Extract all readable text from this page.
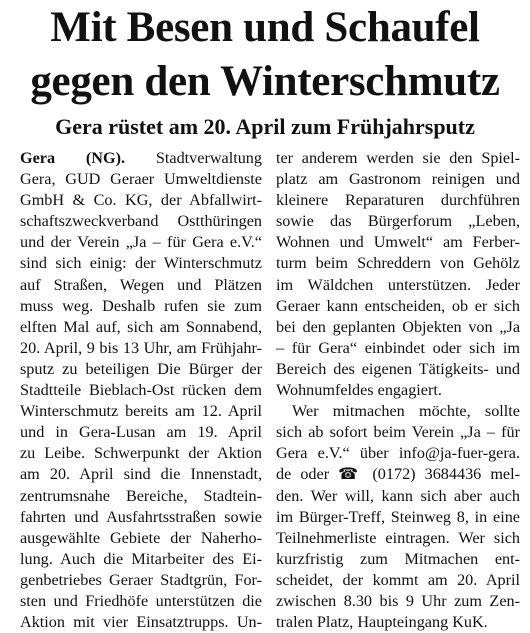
Mit Besen und Schaufel
gegen den Winterschmutz
Gera rüstet am 20. April zum Frühjahrsputz
Gera (NG). Stadtverwaltung
Gera, GUD Geraer Umweltdienste
GmbH & Co. KG, der Abfallwirt-
schaftszweckverband Ostthüringen
und der Verein „Ja – für Gera e.V.“
sind sich einig: der Winterschmutz
auf Straßen, Wegen und Plätzen
muss weg. Deshalb rufen sie zum
elften Mal auf, sich am Sonnabend,
20. April, 9 bis 13 Uhr, am Frühjahr-
sputz zu beteiligen Die Bürger der
Stadtteile Bieblach-Ost rücken dem
Winterschmutz bereits am 12. April
und in Gera-Lusan am 19. April
zu Leibe. Schwerpunkt der Aktion
am 20. April sind die Innenstadt,
zentrumsnahe Bereiche, Stadtein-
fahrten und Ausfahrtsstraßen sowie
ausgewählte Gebiete der Naherho-
lung. Auch die Mitarbeiter des Ei-
genbetriebes Geraer Stadtgrün, For-
sten und Friedhöfe unterstützen die
Aktion mit vier Einsatztrupps. Un-
ter anderem werden sie den Spiel-
platz am Gastronom reinigen und
kleinere Reparaturen durchführen
sowie das Bürgerforum „Leben,
Wohnen und Umwelt“ am Ferber-
turm beim Schreddern von Gehölz
im Wäldchen unterstützen. Jeder
Geraer kann entscheiden, ob er sich
bei den geplanten Objekten von „Ja
– für Gera“ einbindet oder sich im
Bereich des eigenen Tätigkeits- und
Wohnumfeldes engagiert.
Wer mitmachen möchte, sollte
sich ab sofort beim Verein „Ja – für
Gera e.V.“ über info@ja-fuer-gera.
de oder ☎ (0172) 3684436 mel-
den. Wer will, kann sich aber auch
im Bürger-Treff, Steinweg 8, in eine
Teilnehmerliste eintragen. Wer sich
kurzfristig zum Mitmachen ent-
scheidet, der kommt am 20. April
zwischen 8.30 bis 9 Uhr zum Zen-
tralen Platz, Haupteingang KuK.
